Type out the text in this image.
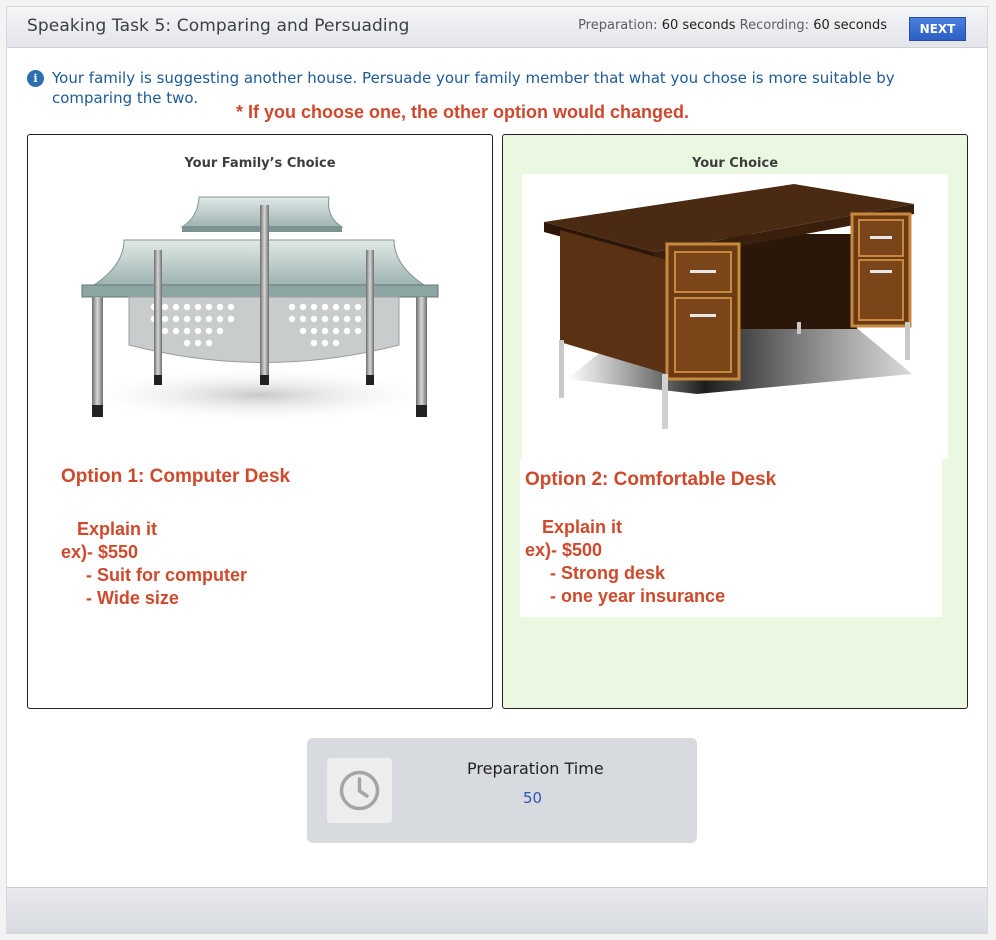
Speaking Task 5: Comparing and Persuading	Preparation: 60 seconds Recording: 60 seconds	NEXT
i Your family is suggesting another house. Persuade your family member that what you chose is more suitable by comparing the two.
* If you choose one, the other option would changed.
Your Family’s Choice
Option 1: Computer Desk
Explain it
ex)- $550
- Suit for computer
- Wide size
Your Choice
Option 2: Comfortable Desk
Explain it
ex)- $500
- Strong desk
- one year insurance
Preparation Time
50
